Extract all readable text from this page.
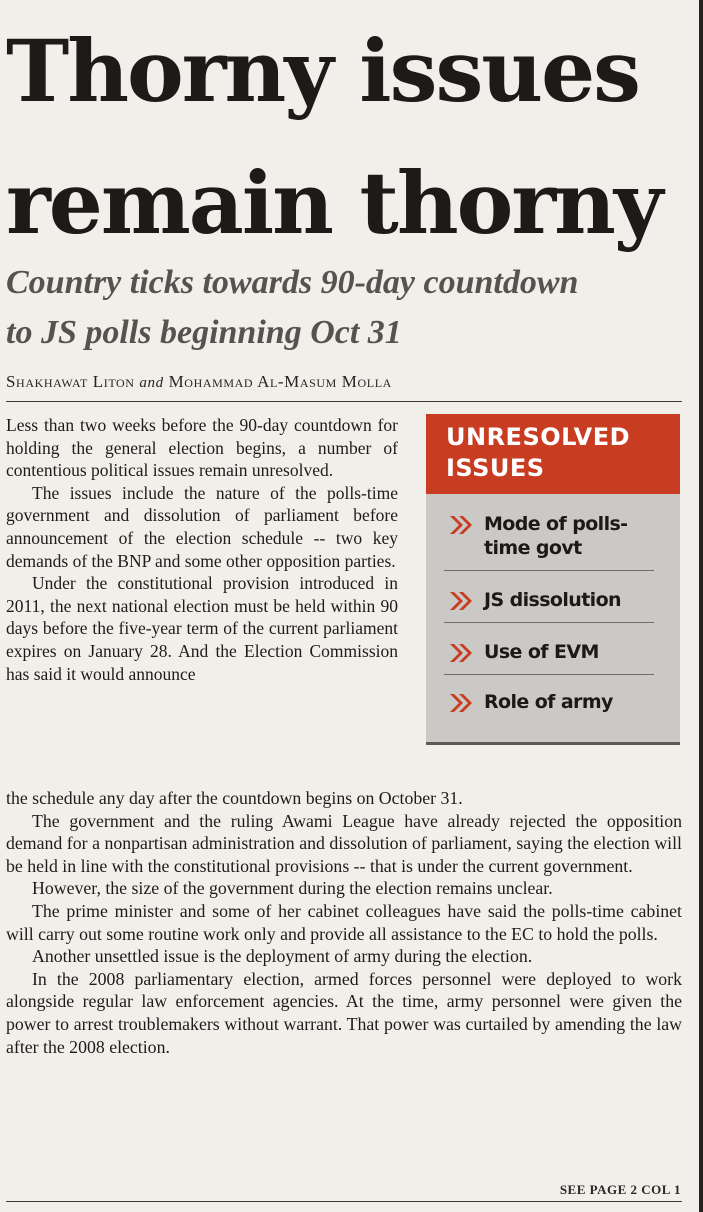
Thorny issues
remain thorny
Country ticks towards 90-day countdown
to JS polls beginning Oct 31
Shakhawat Liton and Mohammad Al-Masum Molla

Less than two weeks before the 90-day countdown for holding the general election begins, a number of contentious political issues remain unresolved.

The issues include the nature of the polls-time government and dissolution of parliament before announcement of the election schedule -- two key demands of the BNP and some other opposition parties.

Under the constitutional provision introduced in 2011, the next national election must be held within 90 days before the five-year term of the current parliament expires on January 28. And the Election Commission has said it would announce

UNRESOLVED
ISSUES
Mode of polls-time govt
JS dissolution
Use of EVM
Role of army

the schedule any day after the countdown begins on October 31.

The government and the ruling Awami League have already rejected the opposition demand for a nonpartisan administration and dissolution of parliament, saying the election will be held in line with the constitutional provisions -- that is under the current government.

However, the size of the government during the election remains unclear.

The prime minister and some of her cabinet colleagues have said the polls-time cabinet will carry out some routine work only and provide all assistance to the EC to hold the polls.

Another unsettled issue is the deployment of army during the election.

In the 2008 parliamentary election, armed forces personnel were deployed to work alongside regular law enforcement agencies. At the time, army personnel were given the power to arrest troublemakers without warrant. That power was curtailed by amending the law after the 2008 election.

SEE PAGE 2 COL 1
